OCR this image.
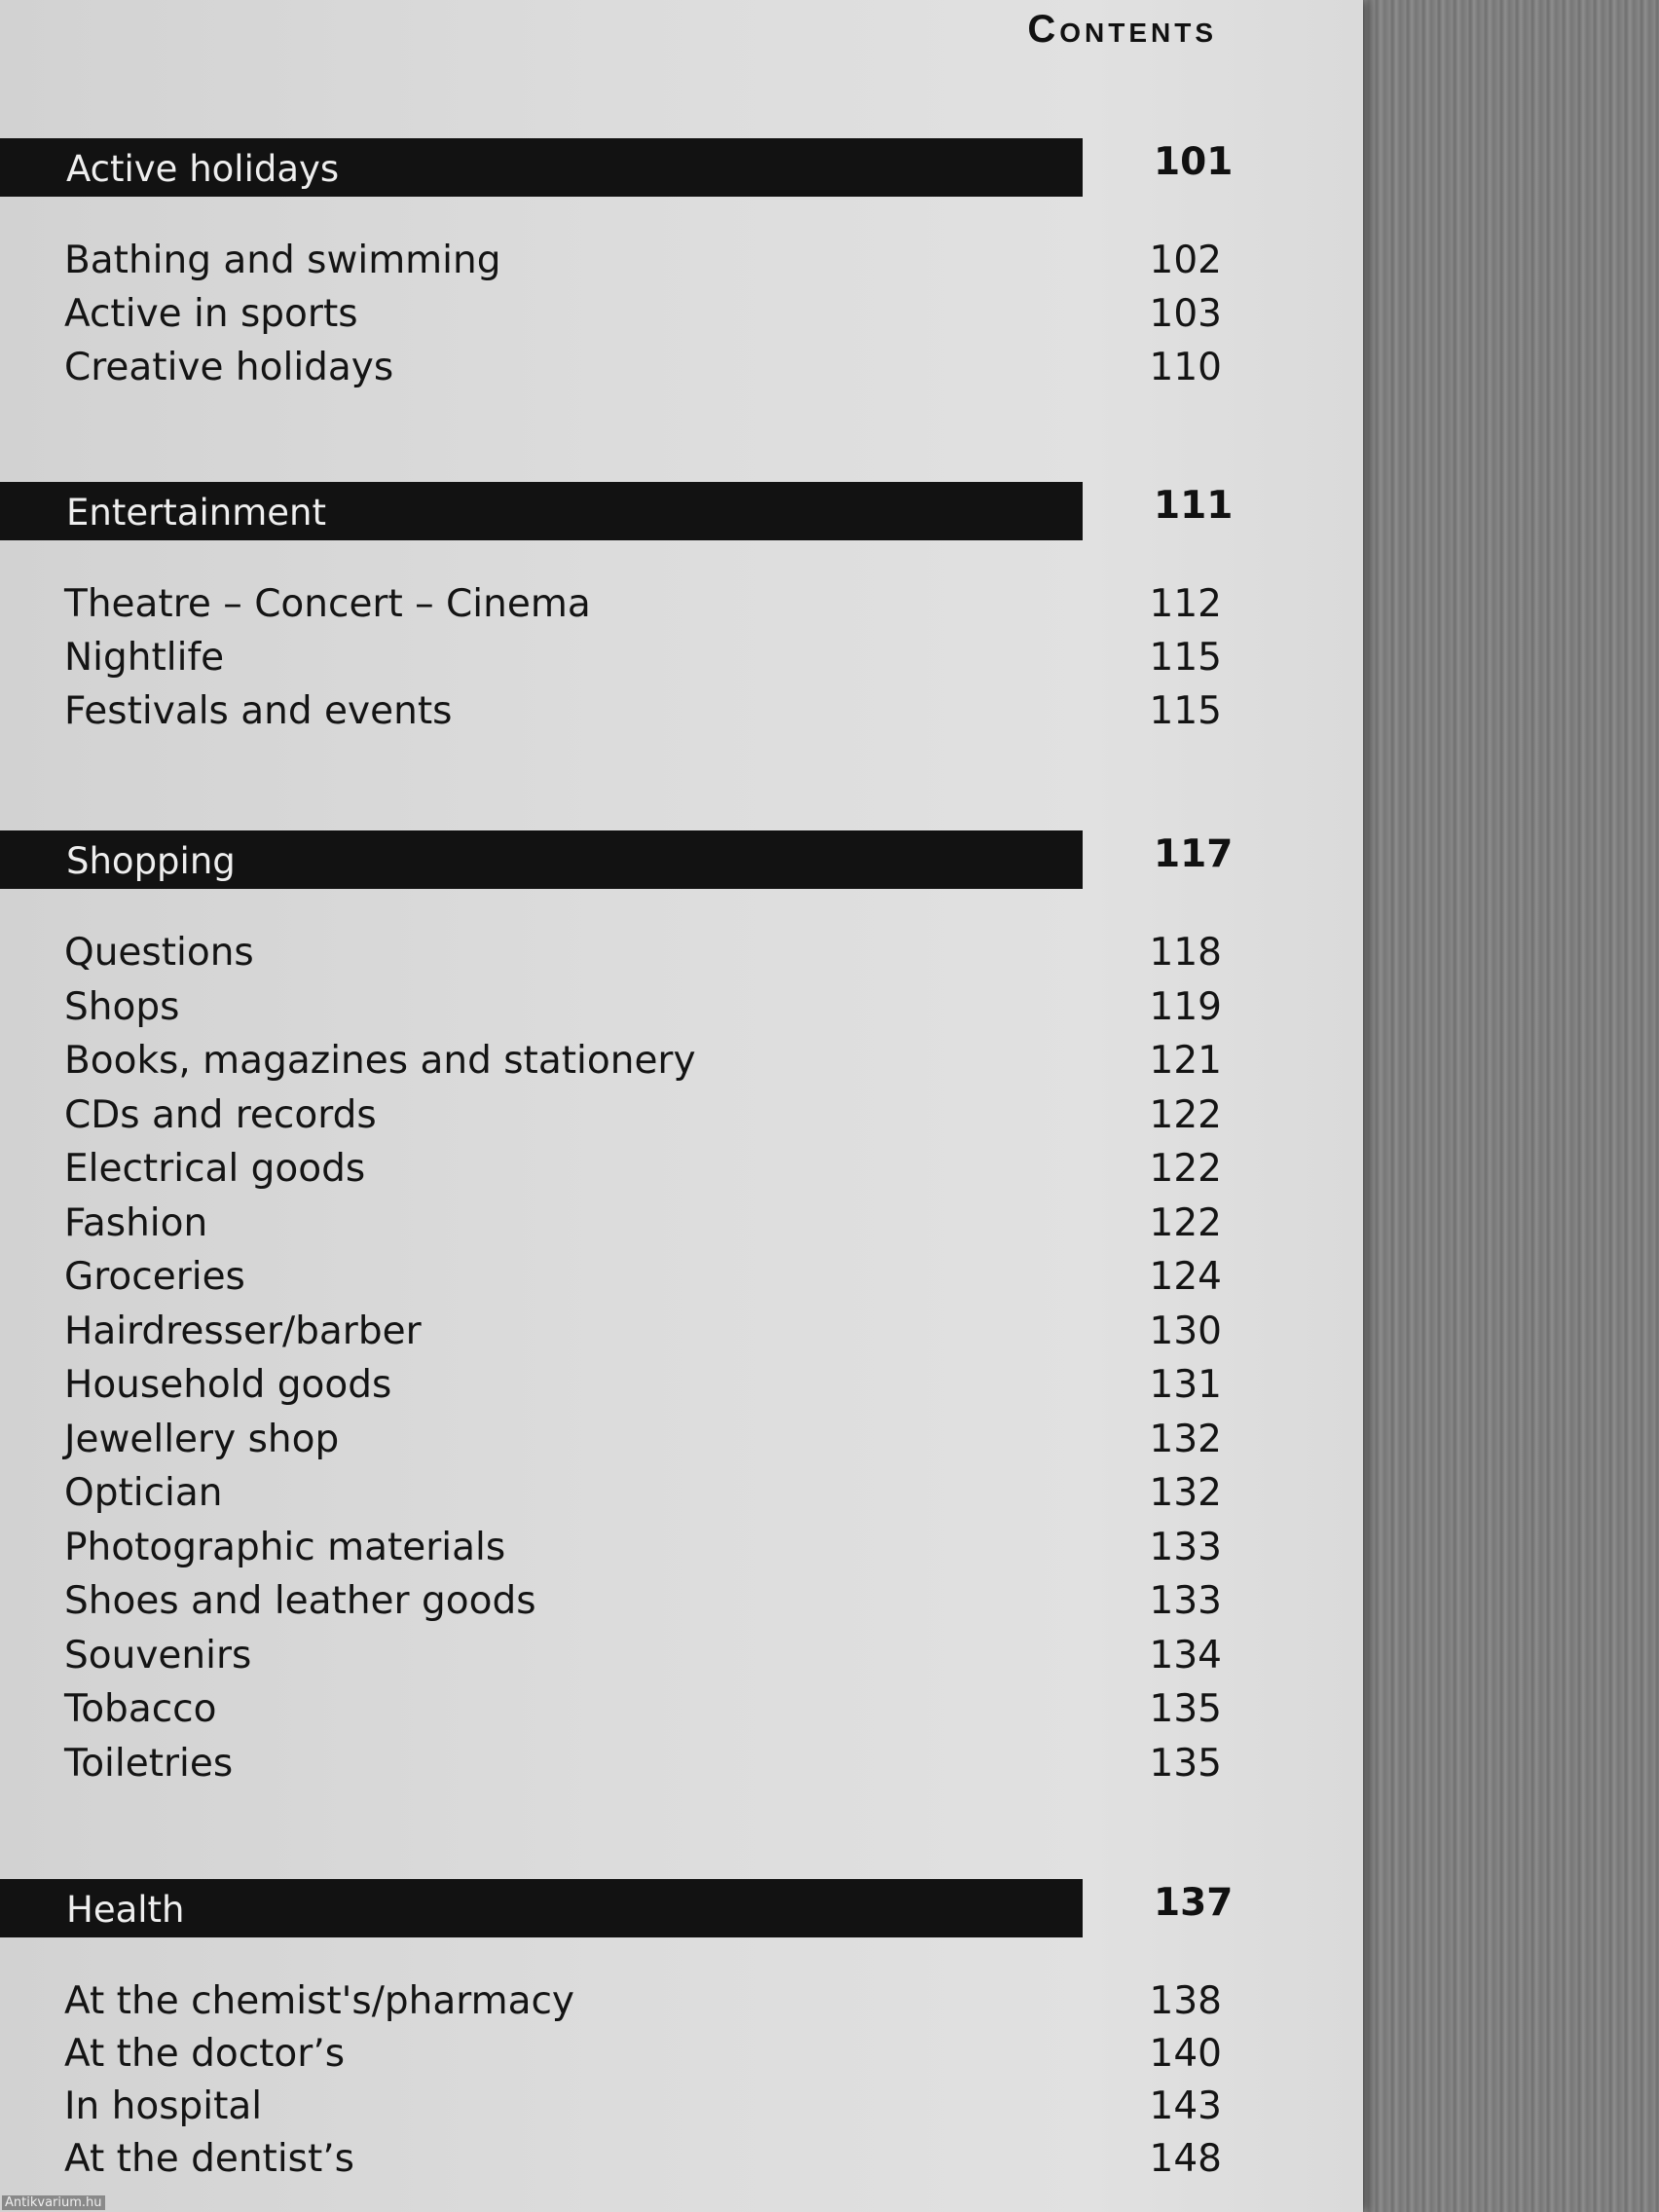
Contents
Active holidays	101
Bathing and swimming	102
Active in sports	103
Creative holidays	110
Entertainment	111
Theatre – Concert – Cinema	112
Nightlife	115
Festivals and events	115
Shopping	117
Questions	118
Shops	119
Books, magazines and stationery	121
CDs and records	122
Electrical goods	122
Fashion	122
Groceries	124
Hairdresser/barber	130
Household goods	131
Jewellery shop	132
Optician	132
Photographic materials	133
Shoes and leather goods	133
Souvenirs	134
Tobacco	135
Toiletries	135
Health	137
At the chemist's/pharmacy	138
At the doctor’s	140
In hospital	143
At the dentist’s	148
Antikvarium.hu
